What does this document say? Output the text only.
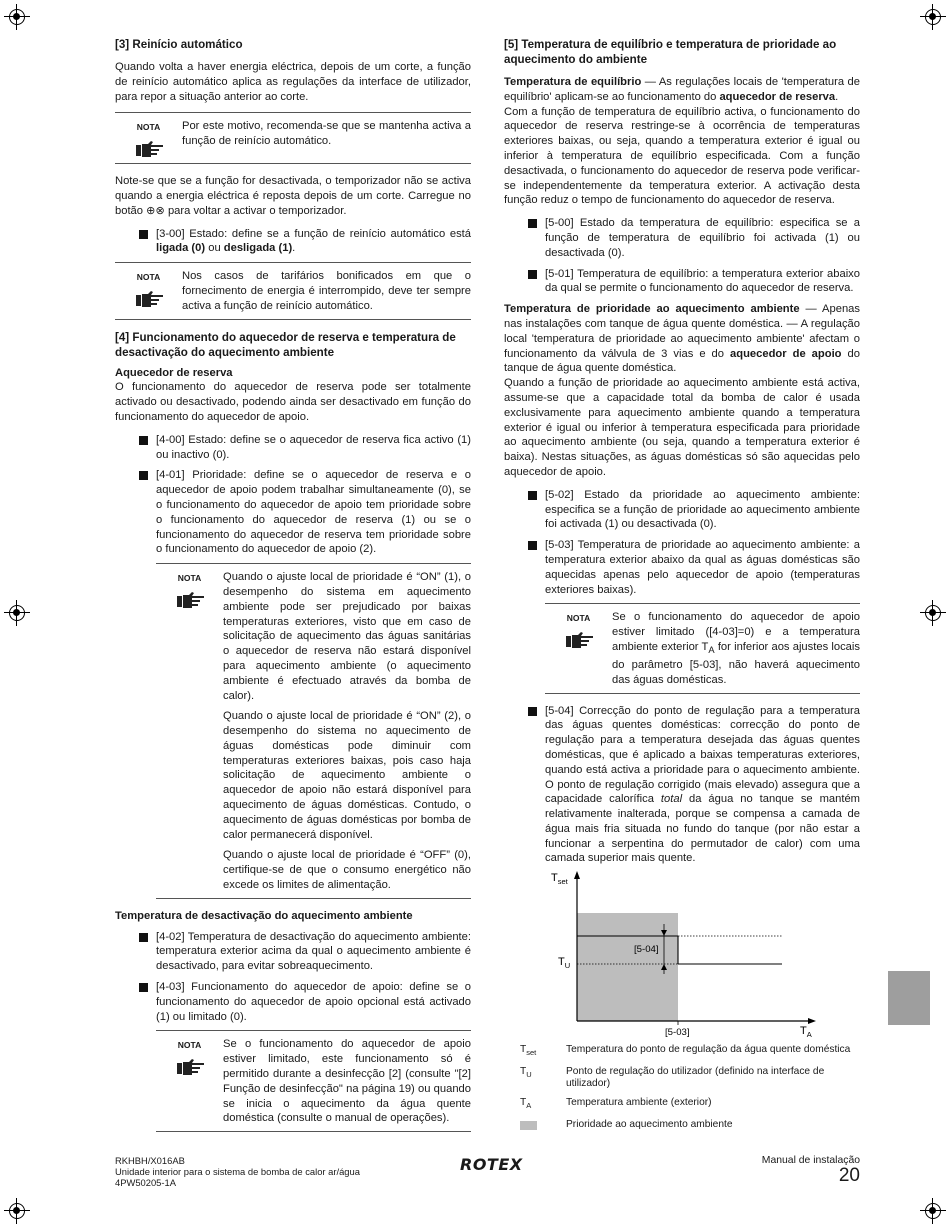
[3] Reinício automático

Quando volta a haver energia eléctrica, depois de um corte, a função de reinício automático aplica as regulações da interface de utilizador, para repor a situação anterior ao corte.

NOTA	Por este motivo, recomenda-se que se mantenha activa a função de reinício automático.

Note-se que se a função for desactivada, o temporizador não se activa quando a energia eléctrica é reposta depois de um corte. Carregue no botão ⊕⊗ para voltar a activar o temporizador.

[3-00] Estado: define se a função de reinício automático está ligada (0) ou desligada (1).
NOTA	Nos casos de tarifários bonificados em que o fornecimento de energia é interrompido, deve ter sempre activa a função de reinício automático.

[4] Funcionamento do aquecedor de reserva e temperatura de desactivação do aquecimento ambiente
Aquecedor de reserva

O funcionamento do aquecedor de reserva pode ser totalmente activado ou desactivado, podendo ainda ser desactivado em função do funcionamento do aquecedor de apoio.

[4-00] Estado: define se o aquecedor de reserva fica activo (1) ou inactivo (0).
[4-01] Prioridade: define se o aquecedor de reserva e o aquecedor de apoio podem trabalhar simultaneamente (0), se o funcionamento do aquecedor de apoio tem prioridade sobre o funcionamento do aquecedor de reserva (1) ou se o funcionamento do aquecedor de reserva tem prioridade sobre o funcionamento do aquecedor de apoio (2).
NOTA	Quando o ajuste local de prioridade é “ON” (1), o desempenho do sistema em aquecimento ambiente pode ser prejudicado por baixas temperaturas exteriores, visto que em caso de solicitação de aquecimento das águas sanitárias o aquecedor de reserva não estará disponível para aquecimento ambiente (o aquecimento ambiente é efectuado através da bomba de calor).

Quando o ajuste local de prioridade é “ON” (2), o desempenho do sistema no aquecimento de águas domésticas pode diminuir com temperaturas exteriores baixas, pois caso haja solicitação de aquecimento ambiente o aquecedor de apoio não estará disponível para aquecimento de águas domésticas. Contudo, o aquecimento de águas domésticas por bomba de calor permanecerá disponível.

Quando o ajuste local de prioridade é “OFF” (0), certifique-se de que o consumo energético não excede os limites de alimentação.

Temperatura de desactivação do aquecimento ambiente
[4-02] Temperatura de desactivação do aquecimento ambiente: temperatura exterior acima da qual o aquecimento ambiente é desactivado, para evitar sobreaquecimento.
[4-03] Funcionamento do aquecedor de apoio: define se o funcionamento do aquecedor de apoio opcional está activado (1) ou limitado (0).
NOTA	Se o funcionamento do aquecedor de apoio estiver limitado, este funcionamento só é permitido durante a desinfecção [2] (consulte "[2] Função de desinfecção" na página 19) ou quando se inicia o aquecimento da água quente doméstica (consulte o manual de operações).

[5] Temperatura de equilíbrio e temperatura de prioridade ao aquecimento do ambiente

Temperatura de equilíbrio — As regulações locais de 'temperatura de equilíbrio' aplicam-se ao funcionamento do aquecedor de reserva.

Com a função de temperatura de equilíbrio activa, o funcionamento do aquecedor de reserva restringe-se à ocorrência de temperaturas exteriores baixas, ou seja, quando a temperatura exterior é igual ou inferior à temperatura de equilíbrio especificada. Com a função desactivada, o funcionamento do aquecedor de reserva pode verificar-se independentemente da temperatura exterior. A activação desta função reduz o tempo de funcionamento do aquecedor de reserva.

[5-00] Estado da temperatura de equilíbrio: especifica se a função de temperatura de equilíbrio foi activada (1) ou desactivada (0).
[5-01] Temperatura de equilíbrio: a temperatura exterior abaixo da qual se permite o funcionamento do aquecedor de reserva.

Temperatura de prioridade ao aquecimento ambiente — Apenas nas instalações com tanque de água quente doméstica. — A regulação local 'temperatura de prioridade ao aquecimento ambiente' afectam o funcionamento da válvula de 3 vias e do aquecedor de apoio do tanque de água quente doméstica.

Quando a função de prioridade ao aquecimento ambiente está activa, assume-se que a capacidade total da bomba de calor é usada exclusivamente para aquecimento ambiente quando a temperatura exterior é igual ou inferior à temperatura especificada para prioridade ao aquecimento ambiente (ou seja, quando a temperatura exterior é baixa). Nestas situações, as águas domésticas só são aquecidas pelo aquecedor de apoio.

[5-02] Estado da prioridade ao aquecimento ambiente: especifica se a função de prioridade ao aquecimento ambiente foi activada (1) ou desactivada (0).
[5-03] Temperatura de prioridade ao aquecimento ambiente: a temperatura exterior abaixo da qual as águas domésticas são aquecidas apenas pelo aquecedor de apoio (temperaturas exteriores baixas).
NOTA	Se o funcionamento do aquecedor de apoio estiver limitado ([4-03]=0) e a temperatura ambiente exterior $T_A$ for inferior aos ajustes locais do parâmetro [5-03], não haverá aquecimento das águas domésticas.

[5-04] Correcção do ponto de regulação para a temperatura das águas quentes domésticas: correcção do ponto de regulação para a temperatura desejada das águas quentes domésticas, que é aplicado a baixas temperaturas exteriores, quando está activa a prioridade para o aquecimento ambiente. O ponto de regulação corrigido (mais elevado) assegura que a capacidade calorífica total da água no tanque se mantém relativamente inalterada, porque se compensa a camada de água mais fria situada no fundo do tanque (por não estar a funcionar a serpentina do permutador de calor) com uma camada superior mais quente.
$T_{set}$
$T_U$
$T_A$
[5-04]
[5-03]
$T_{set}$	Temperatura do ponto de regulação da água quente doméstica
$T_U$	Ponto de regulação do utilizador (definido na interface de utilizador)
$T_A$	Temperatura ambiente (exterior)
Prioridade ao aquecimento ambiente
RKHBH/X016AB
Unidade interior para o sistema de bomba de calor ar/água
4PW50205-1A
ROTEX	Manual de instalação
20
